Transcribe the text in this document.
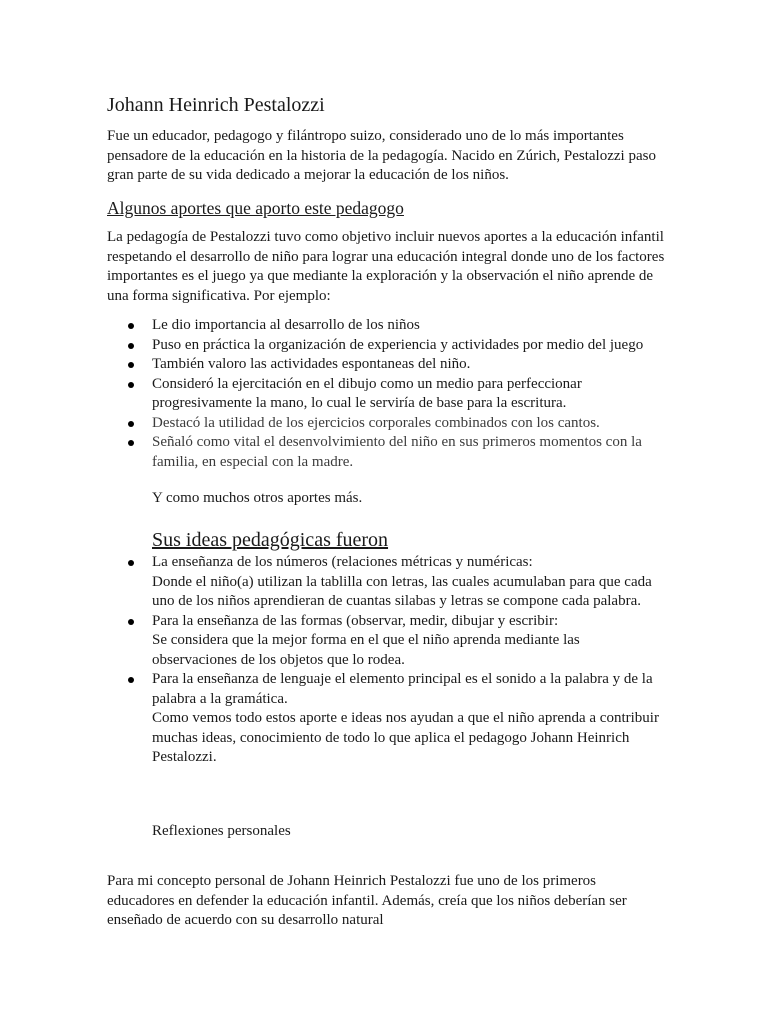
Johann Heinrich Pestalozzi
Fue un educador, pedagogo y filántropo suizo, considerado uno de lo más importantes pensadore de la educación en la historia de la pedagogía. Nacido en Zúrich, Pestalozzi paso gran parte de su vida dedicado a mejorar la educación de los niños.
Algunos aportes que aporto este pedagogo
La pedagogía de Pestalozzi tuvo como objetivo incluir nuevos aportes a la educación infantil respetando el desarrollo de niño para lograr una educación integral donde uno de los factores importantes es el juego ya que mediante la exploración y la observación el niño aprende de una forma significativa. Por ejemplo:
Le dio importancia al desarrollo de los niños
Puso en práctica la organización de experiencia y actividades por medio del juego
También valoro las actividades espontaneas del niño.
Consideró la ejercitación en el dibujo como un medio para perfeccionar progresivamente la mano, lo cual le serviría de base para la escritura.
Destacó la utilidad de los ejercicios corporales combinados con los cantos.
Señaló como vital el desenvolvimiento del niño en sus primeros momentos con la familia, en especial con la madre.
Y como muchos otros aportes más.
Sus ideas pedagógicas fueron
La enseñanza de los números (relaciones métricas y numéricas:
Donde el niño(a) utilizan la tablilla con letras, las cuales acumulaban para que cada uno de los niños aprendieran de cuantas silabas y letras se compone cada palabra.
Para la enseñanza de las formas (observar, medir, dibujar y escribir:
Se considera que la mejor forma en el que el niño aprenda mediante las observaciones de los objetos que lo rodea.
Para la enseñanza de lenguaje el elemento principal es el sonido a la palabra y de la palabra a la gramática.
Como vemos todo estos aporte e ideas nos ayudan a que el niño aprenda a contribuir muchas ideas, conocimiento de todo lo que aplica el pedagogo Johann Heinrich Pestalozzi.
Reflexiones personales
Para mi concepto personal de Johann Heinrich Pestalozzi fue uno de los primeros educadores en defender la educación infantil. Además, creía que los niños deberían ser enseñado de acuerdo con su desarrollo natural
